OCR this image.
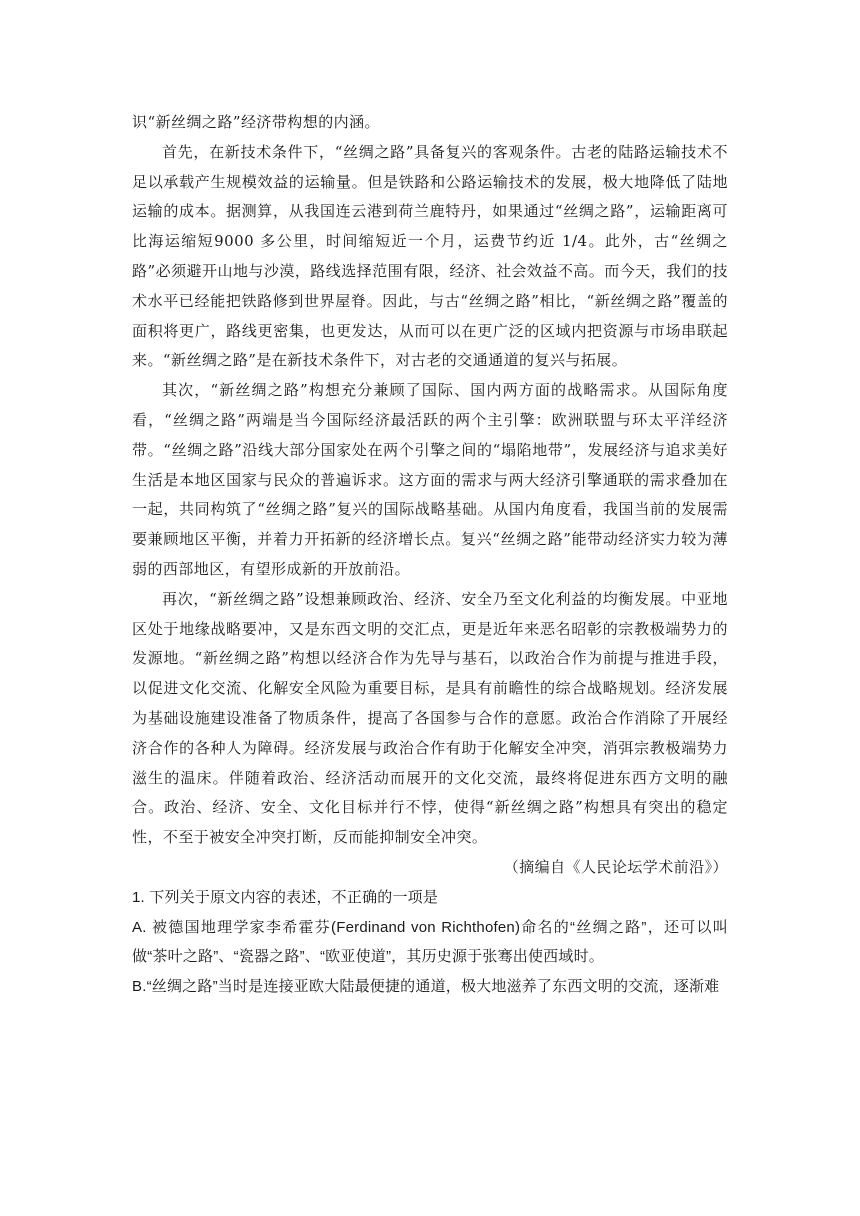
识“新丝绸之路”经济带构想的内涵。

首先，在新技术条件下，“丝绸之路”具备复兴的客观条件。古老的陆路运输技术不足以承载产生规模效益的运输量。但是铁路和公路运输技术的发展，极大地降低了陆地运输的成本。据测算，从我国连云港到荷兰鹿特丹，如果通过“丝绸之路”，运输距离可比海运缩短9000 多公里，时间缩短近一个月，运费节约近 1/4。此外，古“丝绸之路”必须避开山地与沙漠，路线选择范围有限，经济、社会效益不高。而今天，我们的技术水平已经能把铁路修到世界屋脊。因此，与古“丝绸之路”相比，“新丝绸之路”覆盖的面积将更广，路线更密集，也更发达，从而可以在更广泛的区域内把资源与市场串联起来。“新丝绸之路”是在新技术条件下，对古老的交通通道的复兴与拓展。

其次，“新丝绸之路”构想充分兼顾了国际、国内两方面的战略需求。从国际角度看，“丝绸之路”两端是当今国际经济最活跃的两个主引擎：欧洲联盟与环太平洋经济带。“丝绸之路”沿线大部分国家处在两个引擎之间的“塌陷地带”，发展经济与追求美好生活是本地区国家与民众的普遍诉求。这方面的需求与两大经济引擎通联的需求叠加在一起，共同构筑了“丝绸之路”复兴的国际战略基础。从国内角度看，我国当前的发展需要兼顾地区平衡，并着力开拓新的经济增长点。复兴“丝绸之路”能带动经济实力较为薄弱的西部地区，有望形成新的开放前沿。

再次，“新丝绸之路”设想兼顾政治、经济、安全乃至文化利益的均衡发展。中亚地区处于地缘战略要冲，又是东西文明的交汇点，更是近年来恶名昭彰的宗教极端势力的发源地。“新丝绸之路”构想以经济合作为先导与基石，以政治合作为前提与推进手段，以促进文化交流、化解安全风险为重要目标，是具有前瞻性的综合战略规划。经济发展为基础设施建设准备了物质条件，提高了各国参与合作的意愿。政治合作消除了开展经济合作的各种人为障碍。经济发展与政治合作有助于化解安全冲突，消弭宗教极端势力滋生的温床。伴随着政治、经济活动而展开的文化交流，最终将促进东西方文明的融合。政治、经济、安全、文化目标并行不悖，使得“新丝绸之路”构想具有突出的稳定性，不至于被安全冲突打断，反而能抑制安全冲突。

（摘编自《人民论坛学术前沿》）

1. 下列关于原文内容的表述，不正确的一项是

A. 被德国地理学家李希霍芬(Ferdinand von Richthofen)命名的“丝绸之路”，还可以叫做“茶叶之路”、“瓷器之路”、“欧亚使道”，其历史源于张骞出使西域时。

B.“丝绸之路”当时是连接亚欧大陆最便捷的通道，极大地滋养了东西文明的交流，逐渐难
